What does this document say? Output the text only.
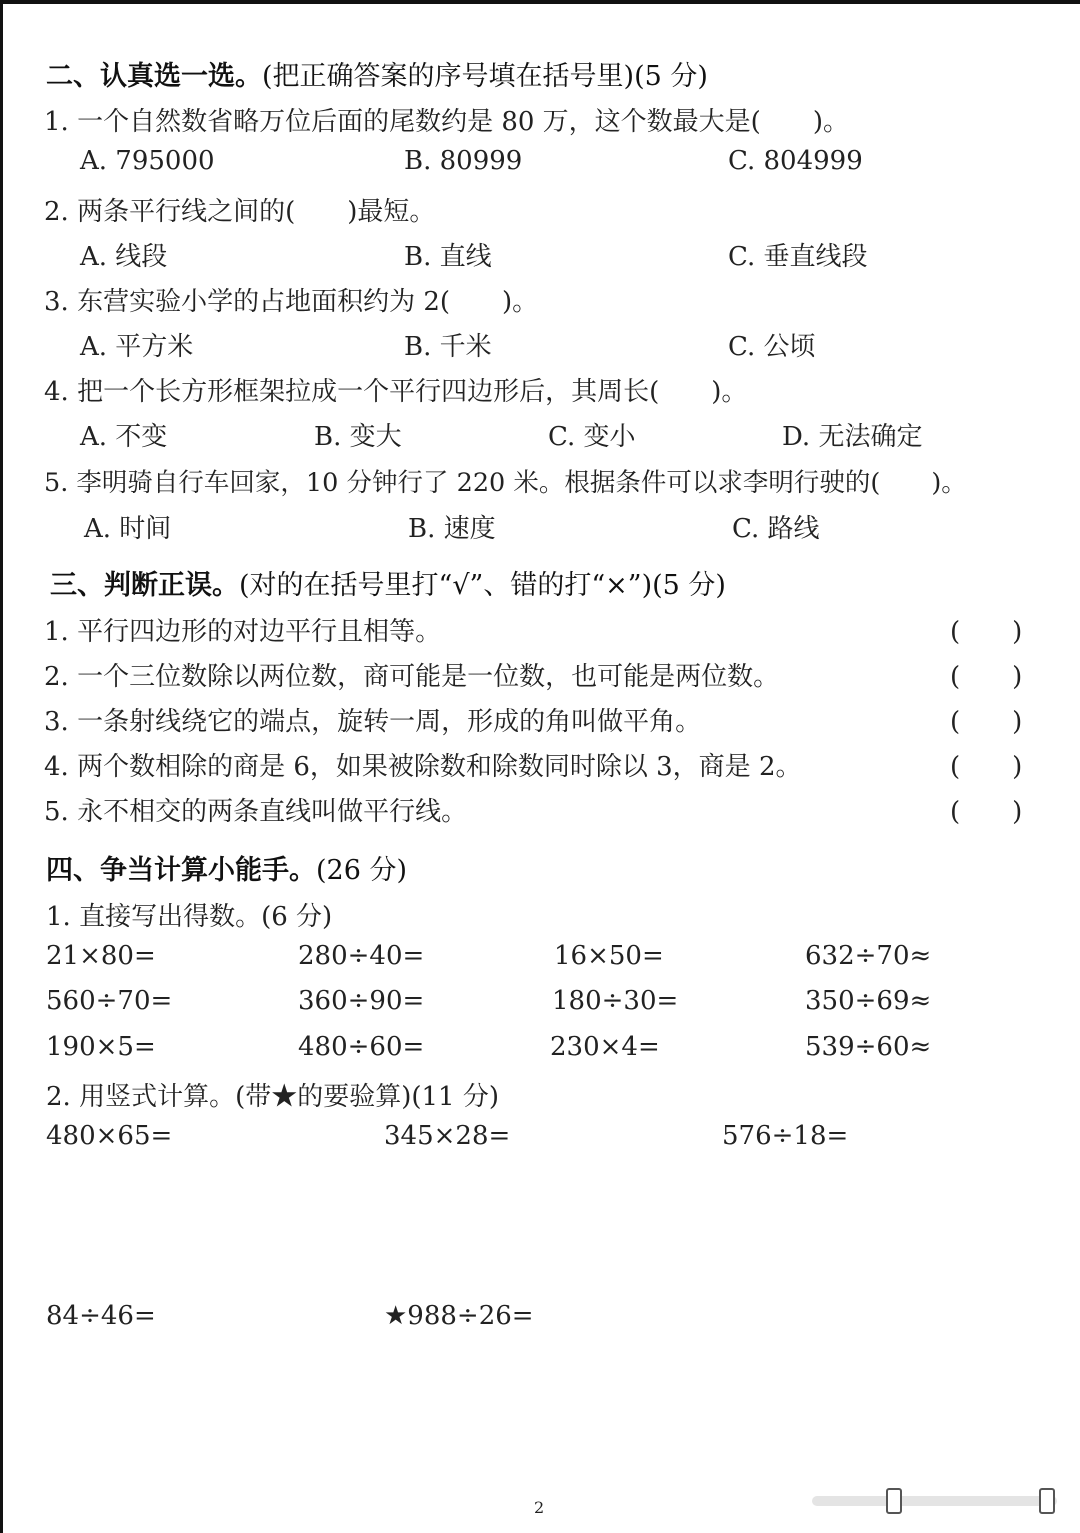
二、认真选一选。(把正确答案的序号填在括号里)(5 分)
1. 一个自然数省略万位后面的尾数约是 80 万，这个数最大是(　　)。
A. 795000	B. 80999	C. 804999
2. 两条平行线之间的(　　)最短。
A. 线段	B. 直线	C. 垂直线段
3. 东营实验小学的占地面积约为 2(　　)。
A. 平方米	B. 千米	C. 公顷
4. 把一个长方形框架拉成一个平行四边形后，其周长(　　)。
A. 不变	B. 变大	C. 变小	D. 无法确定
5. 李明骑自行车回家，10 分钟行了 220 米。根据条件可以求李明行驶的(　　)。
A. 时间	B. 速度	C. 路线
三、判断正误。(对的在括号里打“√”、错的打“×”)(5 分)
1. 平行四边形的对边平行且相等。	(　　)
2. 一个三位数除以两位数，商可能是一位数，也可能是两位数。	(　　)
3. 一条射线绕它的端点，旋转一周，形成的角叫做平角。	(　　)
4. 两个数相除的商是 6，如果被除数和除数同时除以 3，商是 2。	(　　)
5. 永不相交的两条直线叫做平行线。	(　　)
四、争当计算小能手。(26 分)
1. 直接写出得数。(6 分)
21×80=	280÷40=	16×50=	632÷70≈
560÷70=	360÷90=	180÷30=	350÷69≈
190×5=	480÷60=	230×4=	539÷60≈
2. 用竖式计算。(带★的要验算)(11 分)
480×65=	345×28=	576÷18=
84÷46=	★988÷26=
2
